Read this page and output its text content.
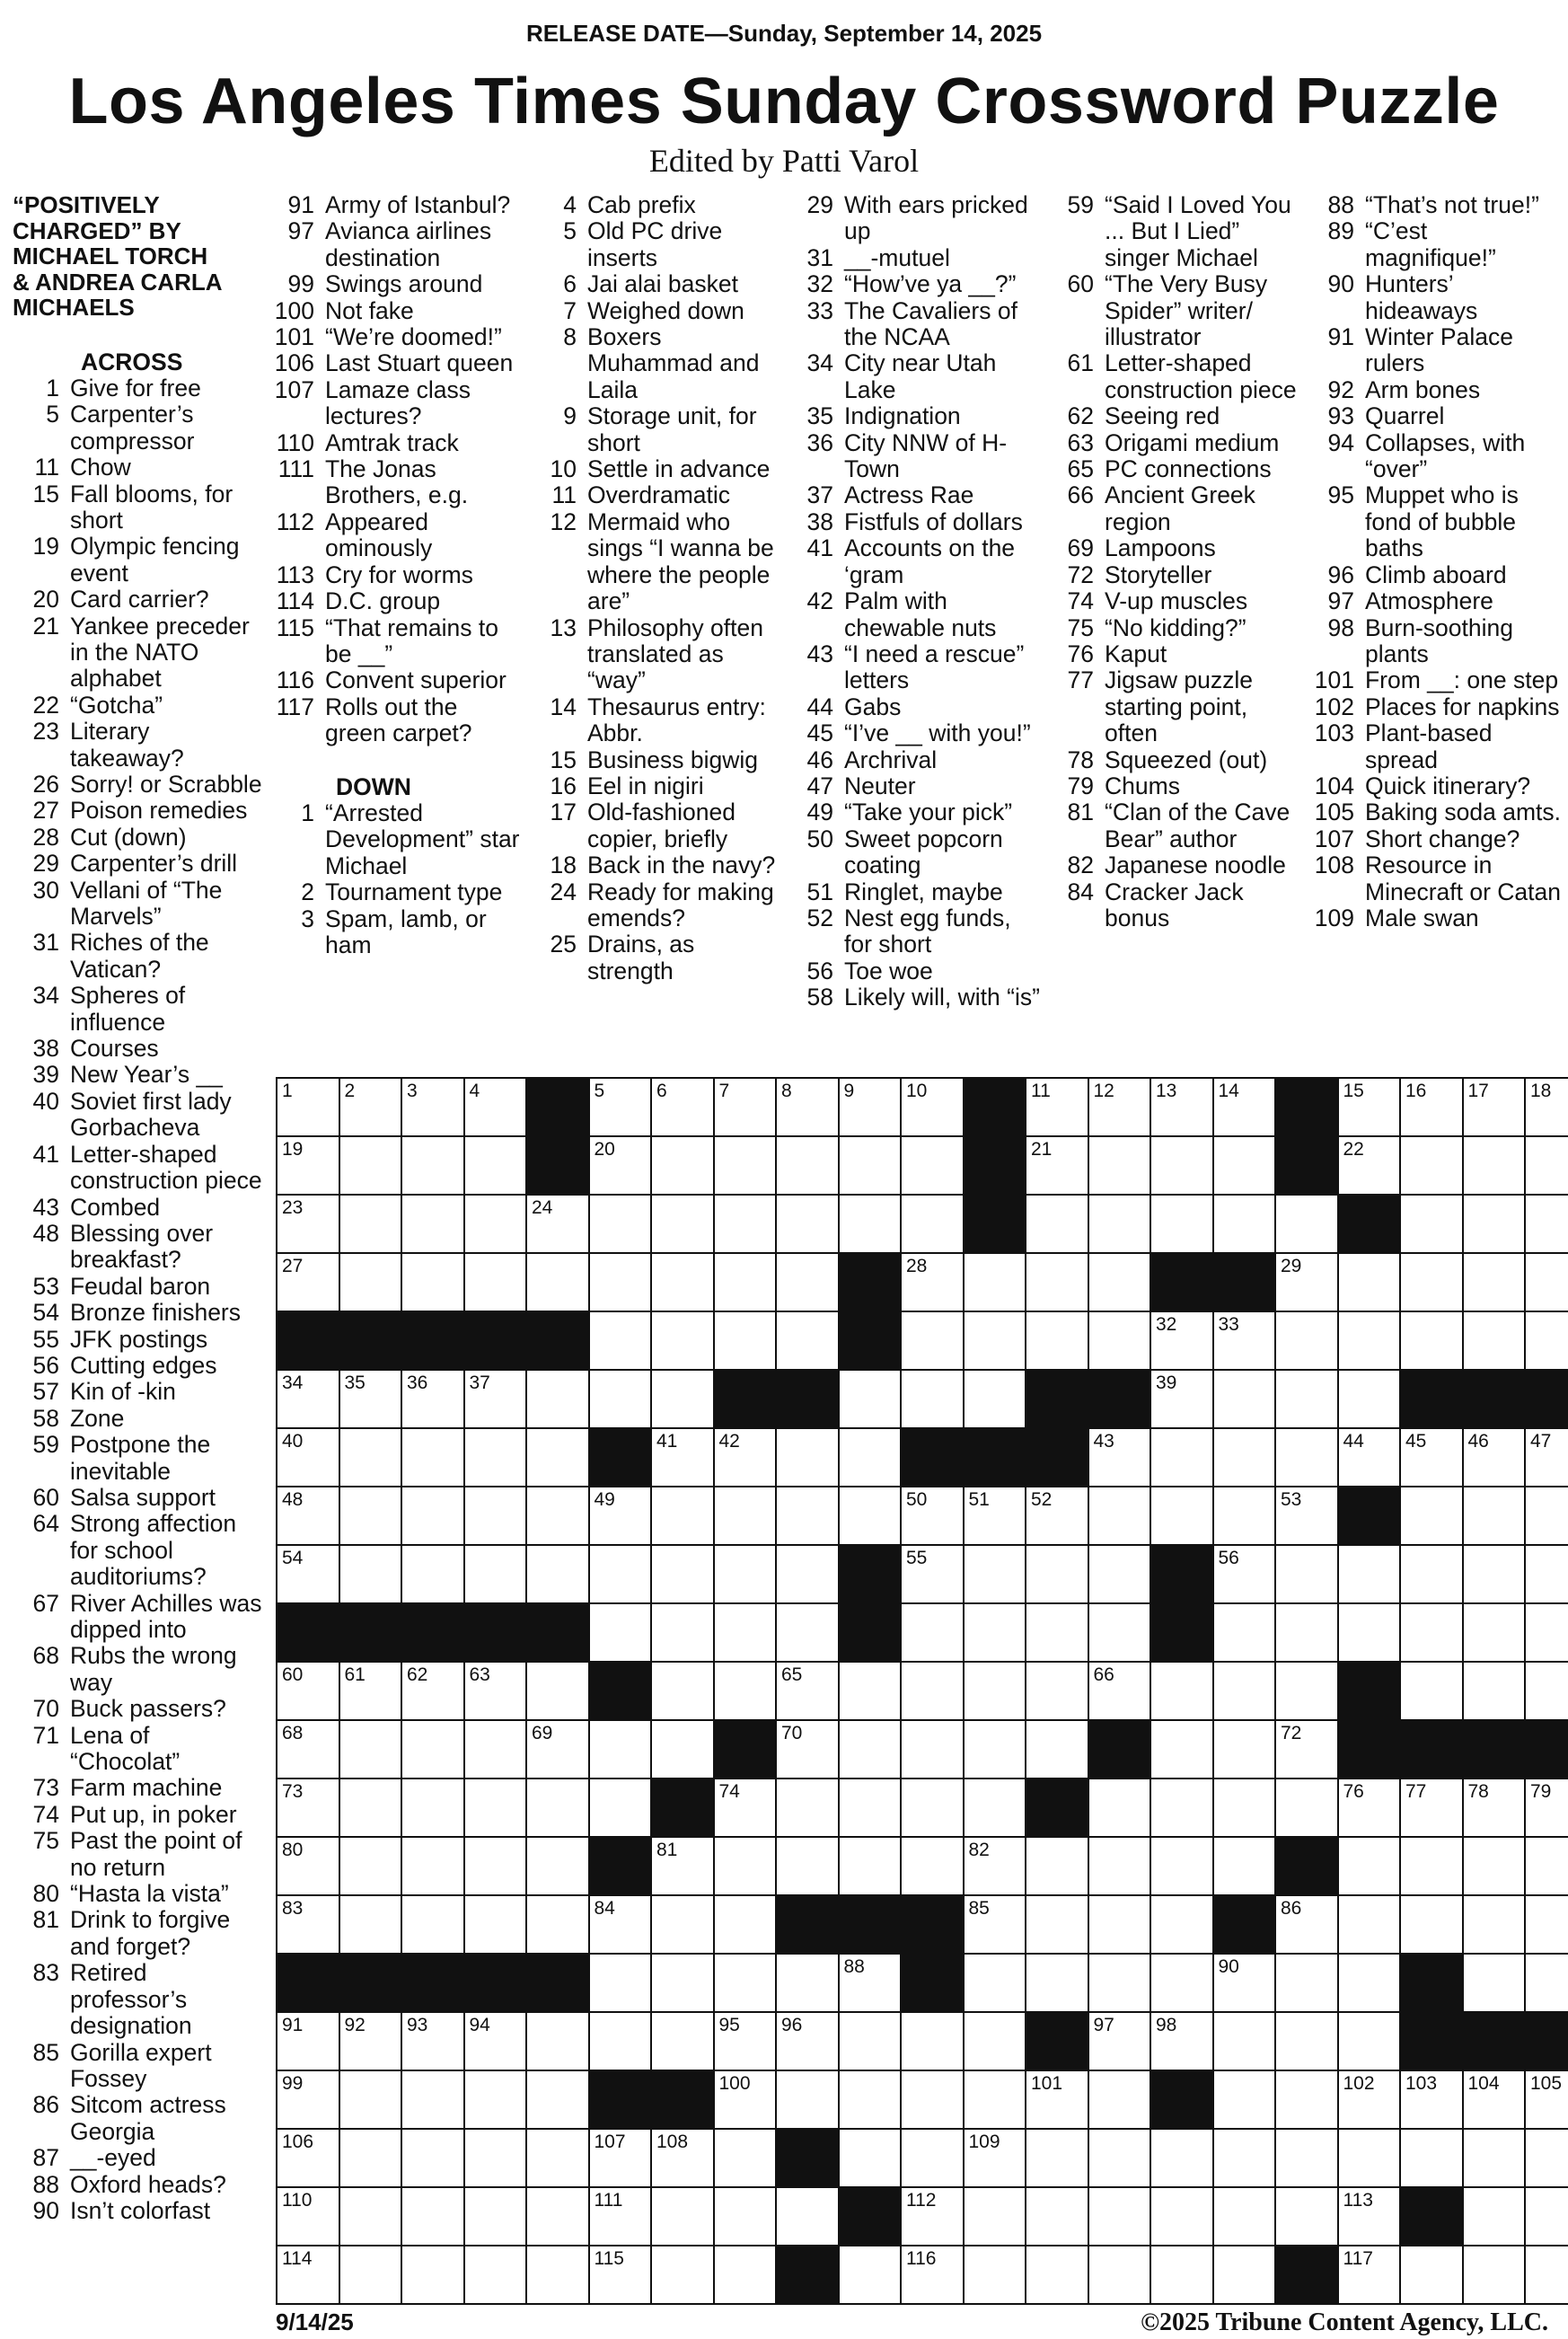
RELEASE DATE—Sunday, September 14, 2025
Los Angeles Times Sunday Crossword Puzzle
Edited by Patti Varol
“POSITIVELY
CHARGED” BY
MICHAEL TORCH
& ANDREA CARLA
MICHAELS
ACROSS
1 Give for free
5 Carpenter’s compressor
11 Chow
15 Fall blooms, for short
19 Olympic fencing event
20 Card carrier?
21 Yankee preceder in the NATO alphabet
22 “Gotcha”
23 Literary takeaway?
26 Sorry! or Scrabble
27 Poison remedies
28 Cut (down)
29 Carpenter’s drill
30 Vellani of “The Marvels”
31 Riches of the Vatican?
34 Spheres of influence
38 Courses
39 New Year’s __
40 Soviet first lady Gorbacheva
41 Letter-shaped construction piece
43 Combed
48 Blessing over breakfast?
53 Feudal baron
54 Bronze finishers
55 JFK postings
56 Cutting edges
57 Kin of -kin
58 Zone
59 Postpone the inevitable
60 Salsa support
64 Strong affection for school auditoriums?
67 River Achilles was dipped into
68 Rubs the wrong way
70 Buck passers?
71 Lena of “Chocolat”
73 Farm machine
74 Put up, in poker
75 Past the point of no return
80 “Hasta la vista”
81 Drink to forgive and forget?
83 Retired professor’s designation
85 Gorilla expert Fossey
86 Sitcom actress Georgia
87 __-eyed
88 Oxford heads?
90 Isn’t colorfast
91 Army of Istanbul?
97 Avianca airlines destination
99 Swings around
100 Not fake
101 “We’re doomed!”
106 Last Stuart queen
107 Lamaze class lectures?
110 Amtrak track
111 The Jonas Brothers, e.g.
112 Appeared ominously
113 Cry for worms
114 D.C. group
115 “That remains to be __”
116 Convent superior
117 Rolls out the green carpet?
DOWN
1 “Arrested Development” star Michael
2 Tournament type
3 Spam, lamb, or ham
4 Cab prefix
5 Old PC drive inserts
6 Jai alai basket
7 Weighed down
8 Boxers Muhammad and Laila
9 Storage unit, for short
10 Settle in advance
11 Overdramatic
12 Mermaid who sings “I wanna be where the people are”
13 Philosophy often translated as “way”
14 Thesaurus entry: Abbr.
15 Business bigwig
16 Eel in nigiri
17 Old-fashioned copier, briefly
18 Back in the navy?
24 Ready for making emends?
25 Drains, as strength
29 With ears pricked up
31 __-mutuel
32 “How’ve ya __?”
33 The Cavaliers of the NCAA
34 City near Utah Lake
35 Indignation
36 City NNW of H-Town
37 Actress Rae
38 Fistfuls of dollars
41 Accounts on the ‘gram
42 Palm with chewable nuts
43 “I need a rescue” letters
44 Gabs
45 “I’ve __ with you!”
46 Archrival
47 Neuter
49 “Take your pick”
50 Sweet popcorn coating
51 Ringlet, maybe
52 Nest egg funds, for short
56 Toe woe
58 Likely will, with “is”
59 “Said I Loved You ... But I Lied” singer Michael
60 “The Very Busy Spider” writer/ illustrator
61 Letter-shaped construction piece
62 Seeing red
63 Origami medium
65 PC connections
66 Ancient Greek region
69 Lampoons
72 Storyteller
74 V-up muscles
75 “No kidding?”
76 Kaput
77 Jigsaw puzzle starting point, often
78 Squeezed (out)
79 Chums
81 “Clan of the Cave Bear” author
82 Japanese noodle
84 Cracker Jack bonus
88 “That’s not true!”
89 “C’est magnifique!”
90 Hunters’ hideaways
91 Winter Palace rulers
92 Arm bones
93 Quarrel
94 Collapses, with “over”
95 Muppet who is fond of bubble baths
96 Climb aboard
97 Atmosphere
98 Burn-soothing plants
101 From __: one step
102 Places for napkins
103 Plant-based spread
104 Quick itinerary?
105 Baking soda amts.
107 Short change?
108 Resource in Minecraft or Catan
109 Male swan
1	2	3	4		5	6	7	8	9	10		11	12	13	14		15	16	17	18

19					20							21					22			

23				24																

27										28						29				

														32	33					

34	35	36	37											39						

40						41	42						43				44	45	46	47

48					49					50	51	52				53				

54										55					56					

60	61	62	63					65					66							

68				69				70								72				

73							74										76	77	78	79

80						81					82									

83					84						85					86				

									88						90					

91	92	93	94				95	96					97	98						

99							100					101					102	103	104	105

106					107	108					109									

110					111					112							113			

114					115					116							117			

9/14/25	©2025 Tribune Content Agency, LLC.
